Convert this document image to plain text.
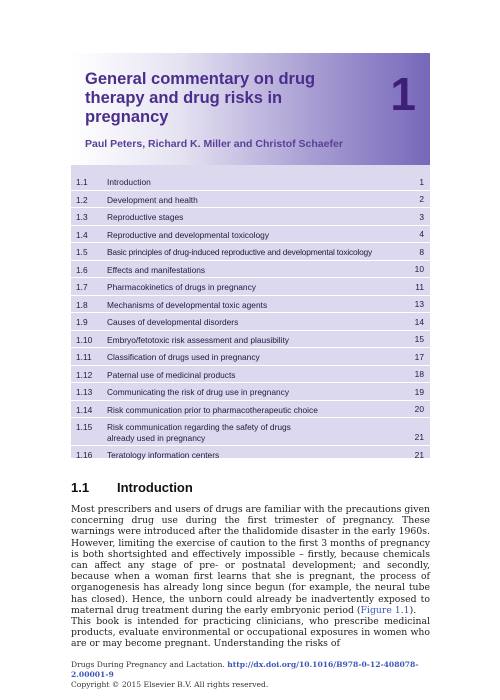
General commentary on drug therapy and drug risks in pregnancy	1
Paul Peters, Richard K. Miller and Christof Schaefer
1.1 Introduction	1
1.2 Development and health	2
1.3 Reproductive stages	3
1.4 Reproductive and developmental toxicology	4
1.5 Basic principles of drug-induced reproductive and developmental toxicology	8
1.6 Effects and manifestations	10
1.7 Pharmacokinetics of drugs in pregnancy	11
1.8 Mechanisms of developmental toxic agents	13
1.9 Causes of developmental disorders	14
1.10 Embryo/fetotoxic risk assessment and plausibility	15
1.11 Classification of drugs used in pregnancy	17
1.12 Paternal use of medicinal products	18
1.13 Communicating the risk of drug use in pregnancy	19
1.14 Risk communication prior to pharmacotherapeutic choice	20
1.15 Risk communication regarding the safety of drugs
already used in pregnancy	21
1.16 Teratology information centers	21
1.1 Introduction

Most prescribers and users of drugs are familiar with the precautions given concerning drug use during the first trimester of pregnancy. These warnings were introduced after the thalidomide disaster in the early 1960s. However, limiting the exercise of caution to the first 3 months of pregnancy is both shortsighted and effectively impossible – firstly, because chemicals can affect any stage of pre- or postnatal development; and secondly, because when a woman first learns that she is pregnant, the process of organogenesis has already long since begun (for example, the neural tube has closed). Hence, the unborn could already be inadvertently exposed to maternal drug treatment during the early embryonic period (Figure 1.1).

This book is intended for practicing clinicians, who prescribe medicinal products, evaluate environmental or occupational exposures in women who are or may become pregnant. Understanding the risks of

Drugs During Pregnancy and Lactation. http://dx.doi.org/10.1016/B978-0-12-408078-2.00001-9
Copyright © 2015 Elsevier B.V. All rights reserved.
